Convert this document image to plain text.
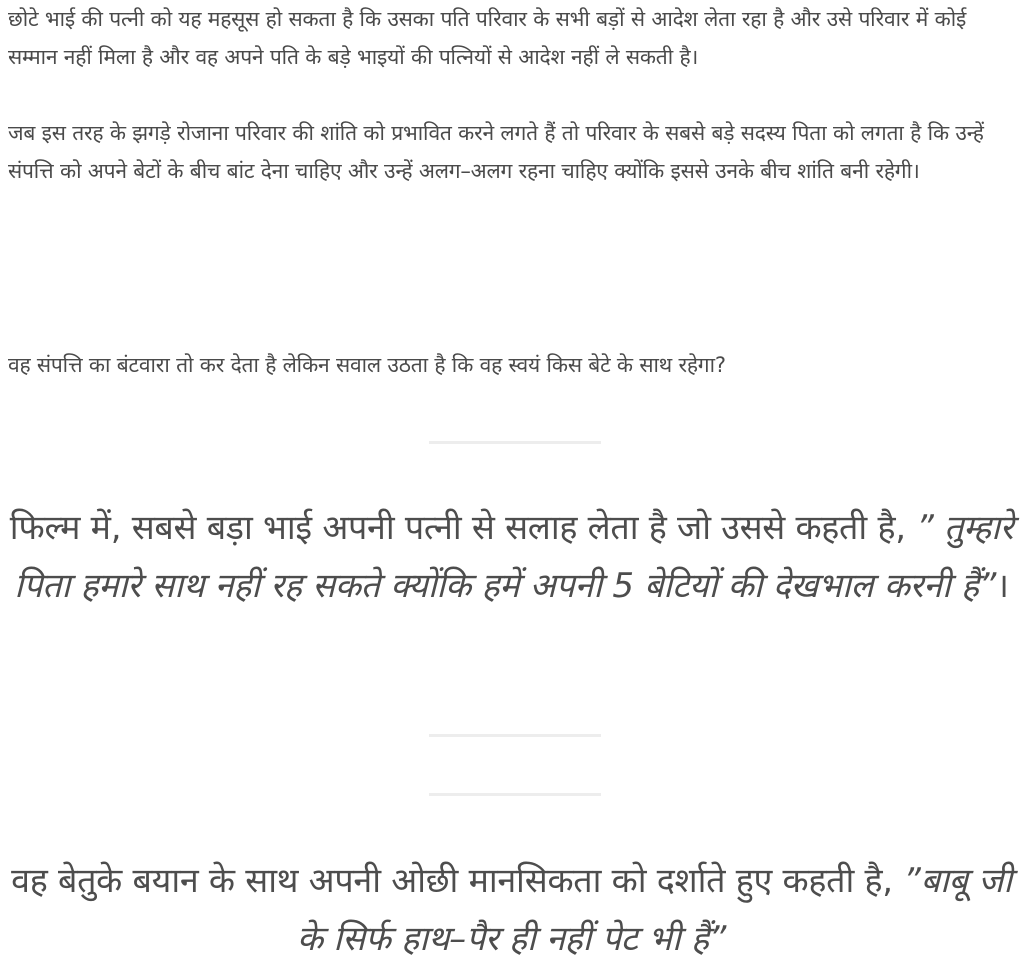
छोटे भाई की पत्नी को यह महसूस हो सकता है कि उसका पति परिवार के सभी बड़ों से आदेश लेता रहा है और उसे परिवार में कोई सम्मान नहीं मिला है और वह अपने पति के बड़े भाइयों की पत्नियों से आदेश नहीं ले सकती है।

जब इस तरह के झगड़े रोजाना परिवार की शांति को प्रभावित करने लगते हैं तो परिवार के सबसे बड़े सदस्य पिता को लगता है कि उन्हें संपत्ति को अपने बेटों के बीच बांट देना चाहिए और उन्हें अलग–अलग रहना चाहिए क्योंकि इससे उनके बीच शांति बनी रहेगी।

वह संपत्ति का बंटवारा तो कर देता है लेकिन सवाल उठता है कि वह स्वयं किस बेटे के साथ रहेगा?

फिल्म में, सबसे बड़ा भाई अपनी पत्नी से सलाह लेता है जो उससे कहती है, ” तुम्हारे पिता हमारे साथ नहीं रह सकते क्योंकि हमें अपनी 5 बेटियों की देखभाल करनी हैं”।

वह बेतुके बयान के साथ अपनी ओछी मानसिकता को दर्शाते हुए कहती है, ”बाबू जी के सिर्फ हाथ–पैर ही नहीं पेट भी हैं”
